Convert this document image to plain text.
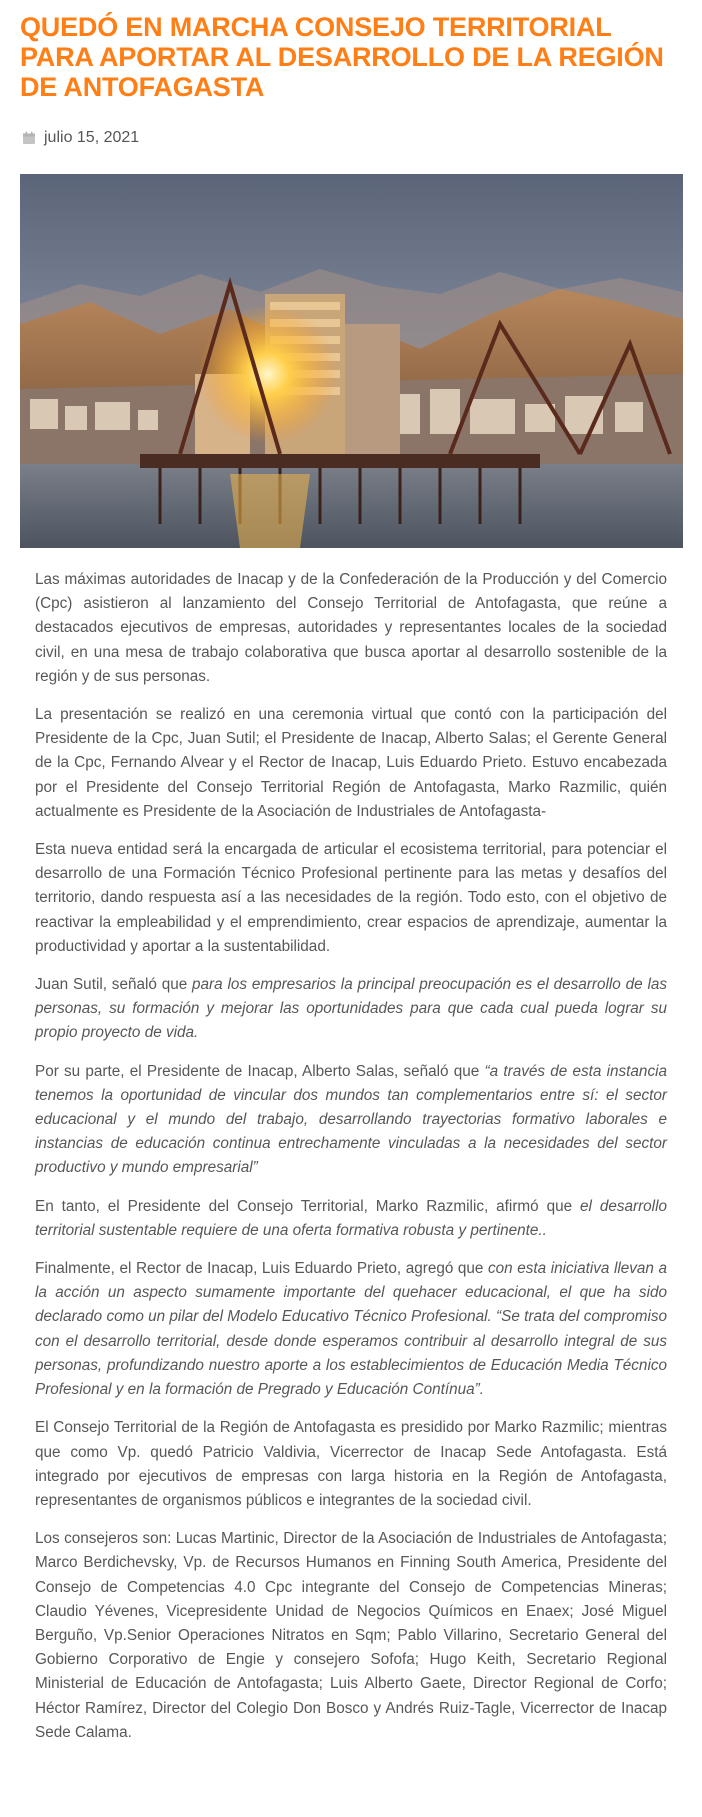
QUEDÓ EN MARCHA CONSEJO TERRITORIAL PARA APORTAR AL DESARROLLO DE LA REGIÓN DE ANTOFAGASTA
julio 15, 2021

Las máximas autoridades de Inacap y de la Confederación de la Producción y del Comercio (Cpc) asistieron al lanzamiento del Consejo Territorial de Antofagasta, que reúne a destacados ejecutivos de empresas, autoridades y representantes locales de la sociedad civil, en una mesa de trabajo colaborativa que busca aportar al desarrollo sostenible de la región y de sus personas.

La presentación se realizó en una ceremonia virtual que contó con la participación del Presidente de la Cpc, Juan Sutil; el Presidente de Inacap, Alberto Salas; el Gerente General de la Cpc, Fernando Alvear y el Rector de Inacap, Luis Eduardo Prieto. Estuvo encabezada por el Presidente del Consejo Territorial Región de Antofagasta, Marko Razmilic, quién actualmente es Presidente de la Asociación de Industriales de Antofagasta-

Esta nueva entidad será la encargada de articular el ecosistema territorial, para potenciar el desarrollo de una Formación Técnico Profesional pertinente para las metas y desafíos del territorio, dando respuesta así a las necesidades de la región. Todo esto, con el objetivo de reactivar la empleabilidad y el emprendimiento, crear espacios de aprendizaje, aumentar la productividad y aportar a la sustentabilidad.

Juan Sutil, señaló que para los empresarios la principal preocupación es el desarrollo de las personas, su formación y mejorar las oportunidades para que cada cual pueda lograr su propio proyecto de vida.

Por su parte, el Presidente de Inacap, Alberto Salas, señaló que “a través de esta instancia tenemos la oportunidad de vincular dos mundos tan complementarios entre sí: el sector educacional y el mundo del trabajo, desarrollando trayectorias formativo laborales e instancias de educación continua entrechamente vinculadas a la necesidades del sector productivo y mundo empresarial”

En tanto, el Presidente del Consejo Territorial, Marko Razmilic, afirmó que el desarrollo territorial sustentable requiere de una oferta formativa robusta y pertinente..

Finalmente, el Rector de Inacap, Luis Eduardo Prieto, agregó que con esta iniciativa llevan a la acción un aspecto sumamente importante del quehacer educacional, el que ha sido declarado como un pilar del Modelo Educativo Técnico Profesional. “Se trata del compromiso con el desarrollo territorial, desde donde esperamos contribuir al desarrollo integral de sus personas, profundizando nuestro aporte a los establecimientos de Educación Media Técnico Profesional y en la formación de Pregrado y Educación Contínua”.

El Consejo Territorial de la Región de Antofagasta es presidido por Marko Razmilic; mientras que como Vp. quedó Patricio Valdivia, Vicerrector de Inacap Sede Antofagasta. Está integrado por ejecutivos de empresas con larga historia en la Región de Antofagasta, representantes de organismos públicos e integrantes de la sociedad civil.

Los consejeros son: Lucas Martinic, Director de la Asociación de Industriales de Antofagasta; Marco Berdichevsky, Vp. de Recursos Humanos en Finning South America, Presidente del Consejo de Competencias 4.0 Cpc integrante del Consejo de Competencias Mineras; Claudio Yévenes, Vicepresidente Unidad de Negocios Químicos en Enaex; José Miguel Berguño, Vp.Senior Operaciones Nitratos en Sqm; Pablo Villarino, Secretario General del Gobierno Corporativo de Engie y consejero Sofofa; Hugo Keith, Secretario Regional Ministerial de Educación de Antofagasta; Luis Alberto Gaete, Director Regional de Corfo; Héctor Ramírez, Director del Colegio Don Bosco y Andrés Ruiz-Tagle, Vicerrector de Inacap Sede Calama.
